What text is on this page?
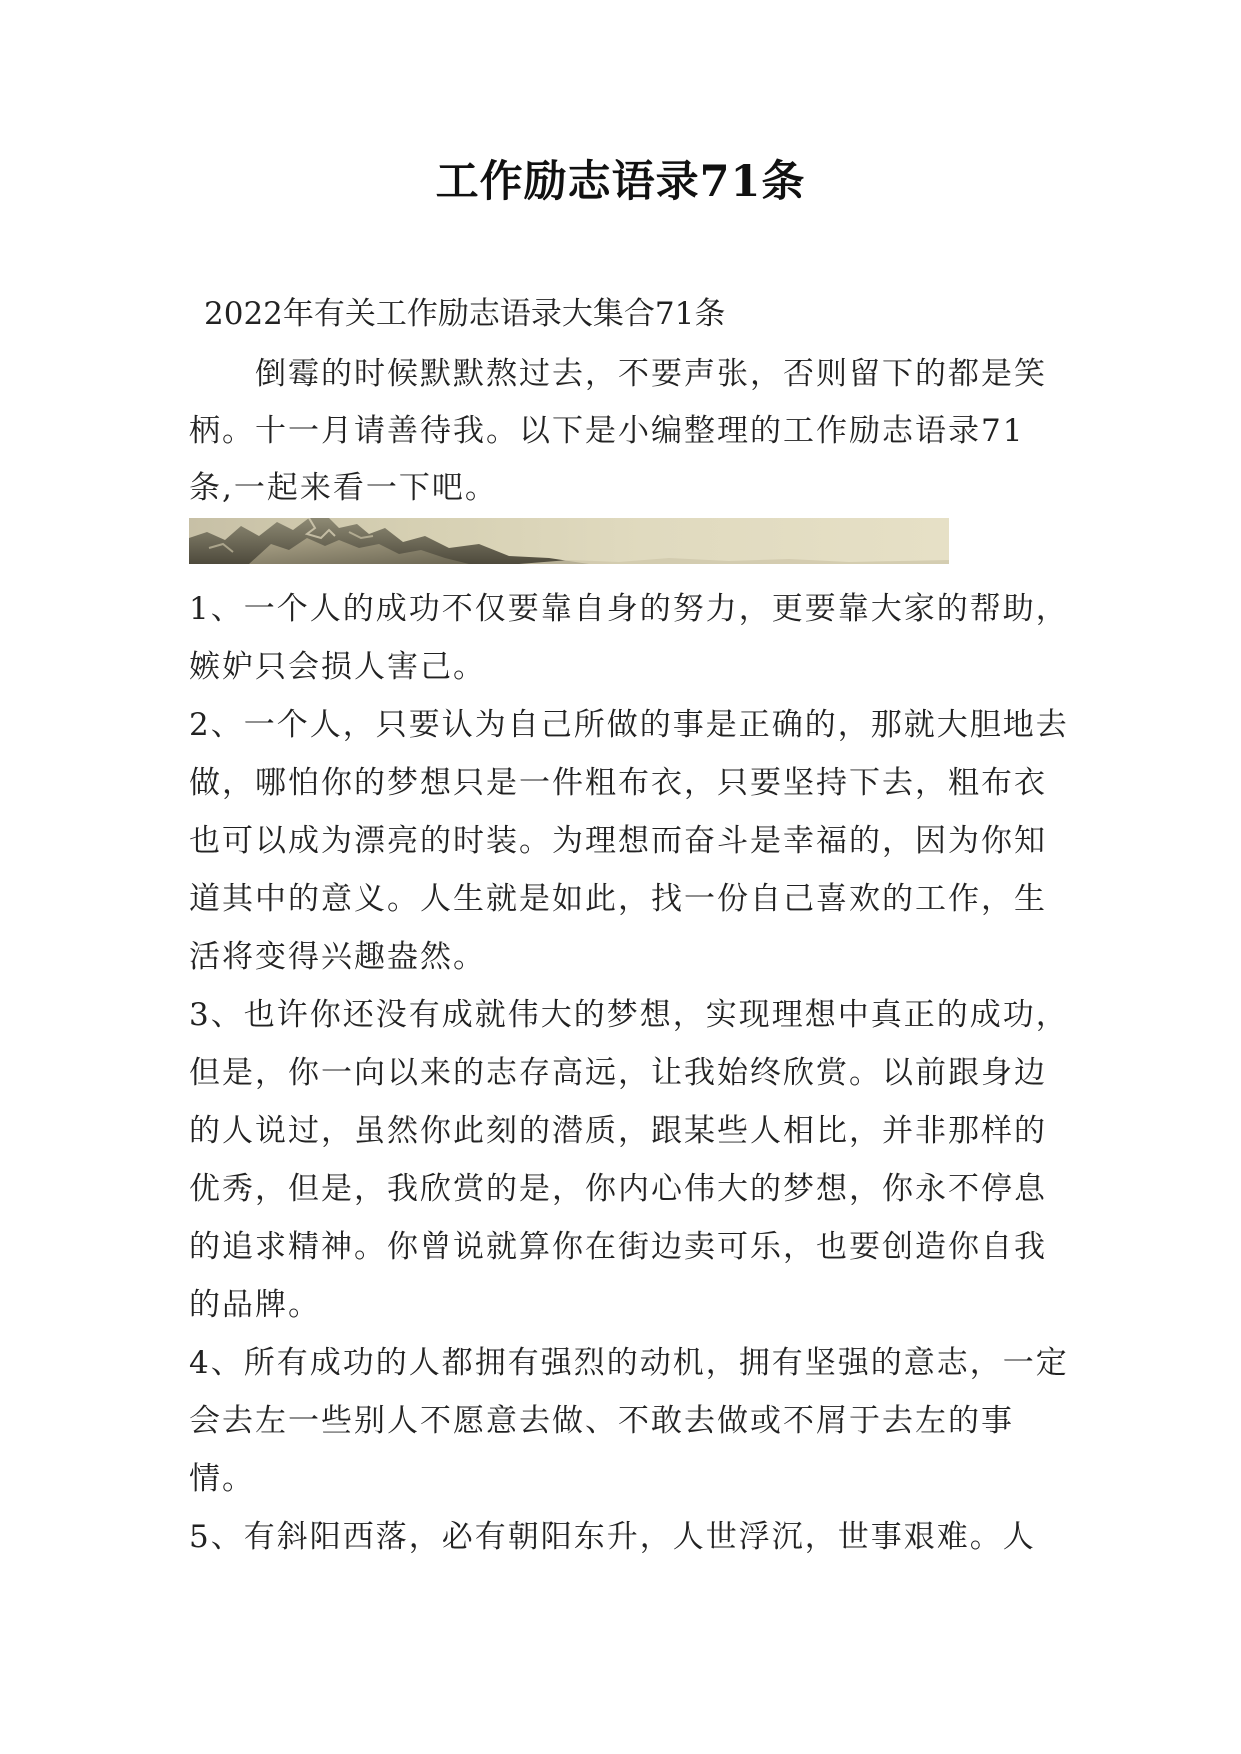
工作励志语录71条

2022年有关工作励志语录大集合71条

倒霉的时候默默熬过去，不要声张，否则留下的都是笑柄。十一月请善待我。以下是小编整理的工作励志语录71条,一起来看一下吧。

1、一个人的成功不仅要靠自身的努力，更要靠大家的帮助，嫉妒只会损人害己。
2、一个人，只要认为自己所做的事是正确的，那就大胆地去做，哪怕你的梦想只是一件粗布衣，只要坚持下去，粗布衣也可以成为漂亮的时装。为理想而奋斗是幸福的，因为你知道其中的意义。人生就是如此，找一份自己喜欢的工作，生活将变得兴趣盎然。
3、也许你还没有成就伟大的梦想，实现理想中真正的成功，但是，你一向以来的志存高远，让我始终欣赏。以前跟身边的人说过，虽然你此刻的潜质，跟某些人相比，并非那样的优秀，但是，我欣赏的是，你内心伟大的梦想，你永不停息的追求精神。你曾说就算你在街边卖可乐，也要创造你自我的品牌。
4、所有成功的人都拥有强烈的动机，拥有坚强的意志，一定会去左一些别人不愿意去做、不敢去做或不屑于去左的事情。
5、有斜阳西落，必有朝阳东升，人世浮沉，世事艰难。人
